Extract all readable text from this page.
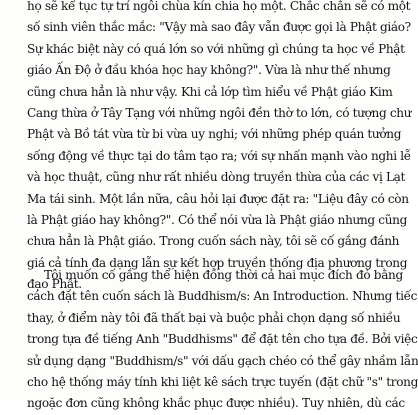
họ sẽ kể tục tự trí ngôi chùa kín chia họ một. Chắc chắn sẽ có một
số sinh viên thắc mắc: "Vậy mà sao đây vẫn được gọi là Phật giáo?
Sự khác biệt này có quá lớn so với những gì chúng ta học về Phật
giáo Ấn Độ ở đầu khóa học hay không?". Vừa là như thế nhưng
cũng chưa hẳn là như vậy. Khi cả lớp tìm hiểu về Phật giáo Kim
Cang thừa ở Tây Tạng với những ngôi đền thờ to lớn, có tượng chư
Phật và Bồ tát vừa từ bi vừa uy nghi; với những phép quán tưởng
sống động về thực tại do tâm tạo ra; với sự nhấn mạnh vào nghi lễ
và học thuật, cũng như rất nhiều dòng truyền thừa của các vị Lạt
Ma tái sinh. Một lần nữa, câu hỏi lại được đặt ra: "Liệu đây có còn
là Phật giáo hay không?". Có thể nói vừa là Phật giáo nhưng cũng
chưa hẳn là Phật giáo. Trong cuốn sách này, tôi sẽ cố gắng đánh
giá cả tính đa dạng lẫn sự kết hợp truyền thống địa phương trong
đạo Phật.
Tôi muốn cố gắng thể hiện đồng thời cả hai mục đích đó bằng
cách đặt tên cuốn sách là Buddhism/s: An Introduction. Nhưng tiếc
thay, ở điểm này tôi đã thất bại và buộc phải chọn dạng số nhiều
trong tựa đề tiếng Anh "Buddhisms" để đặt tên cho tựa đề. Bởi việc
sử dụng dạng "Buddhism/s" với dấu gạch chéo có thể gây nhầm lẫn
cho hệ thống máy tính khi liệt kê sách trực tuyến (đặt chữ "s" trong
ngoặc đơn cũng không khắc phục được nhiều). Tuy nhiên, dù các
